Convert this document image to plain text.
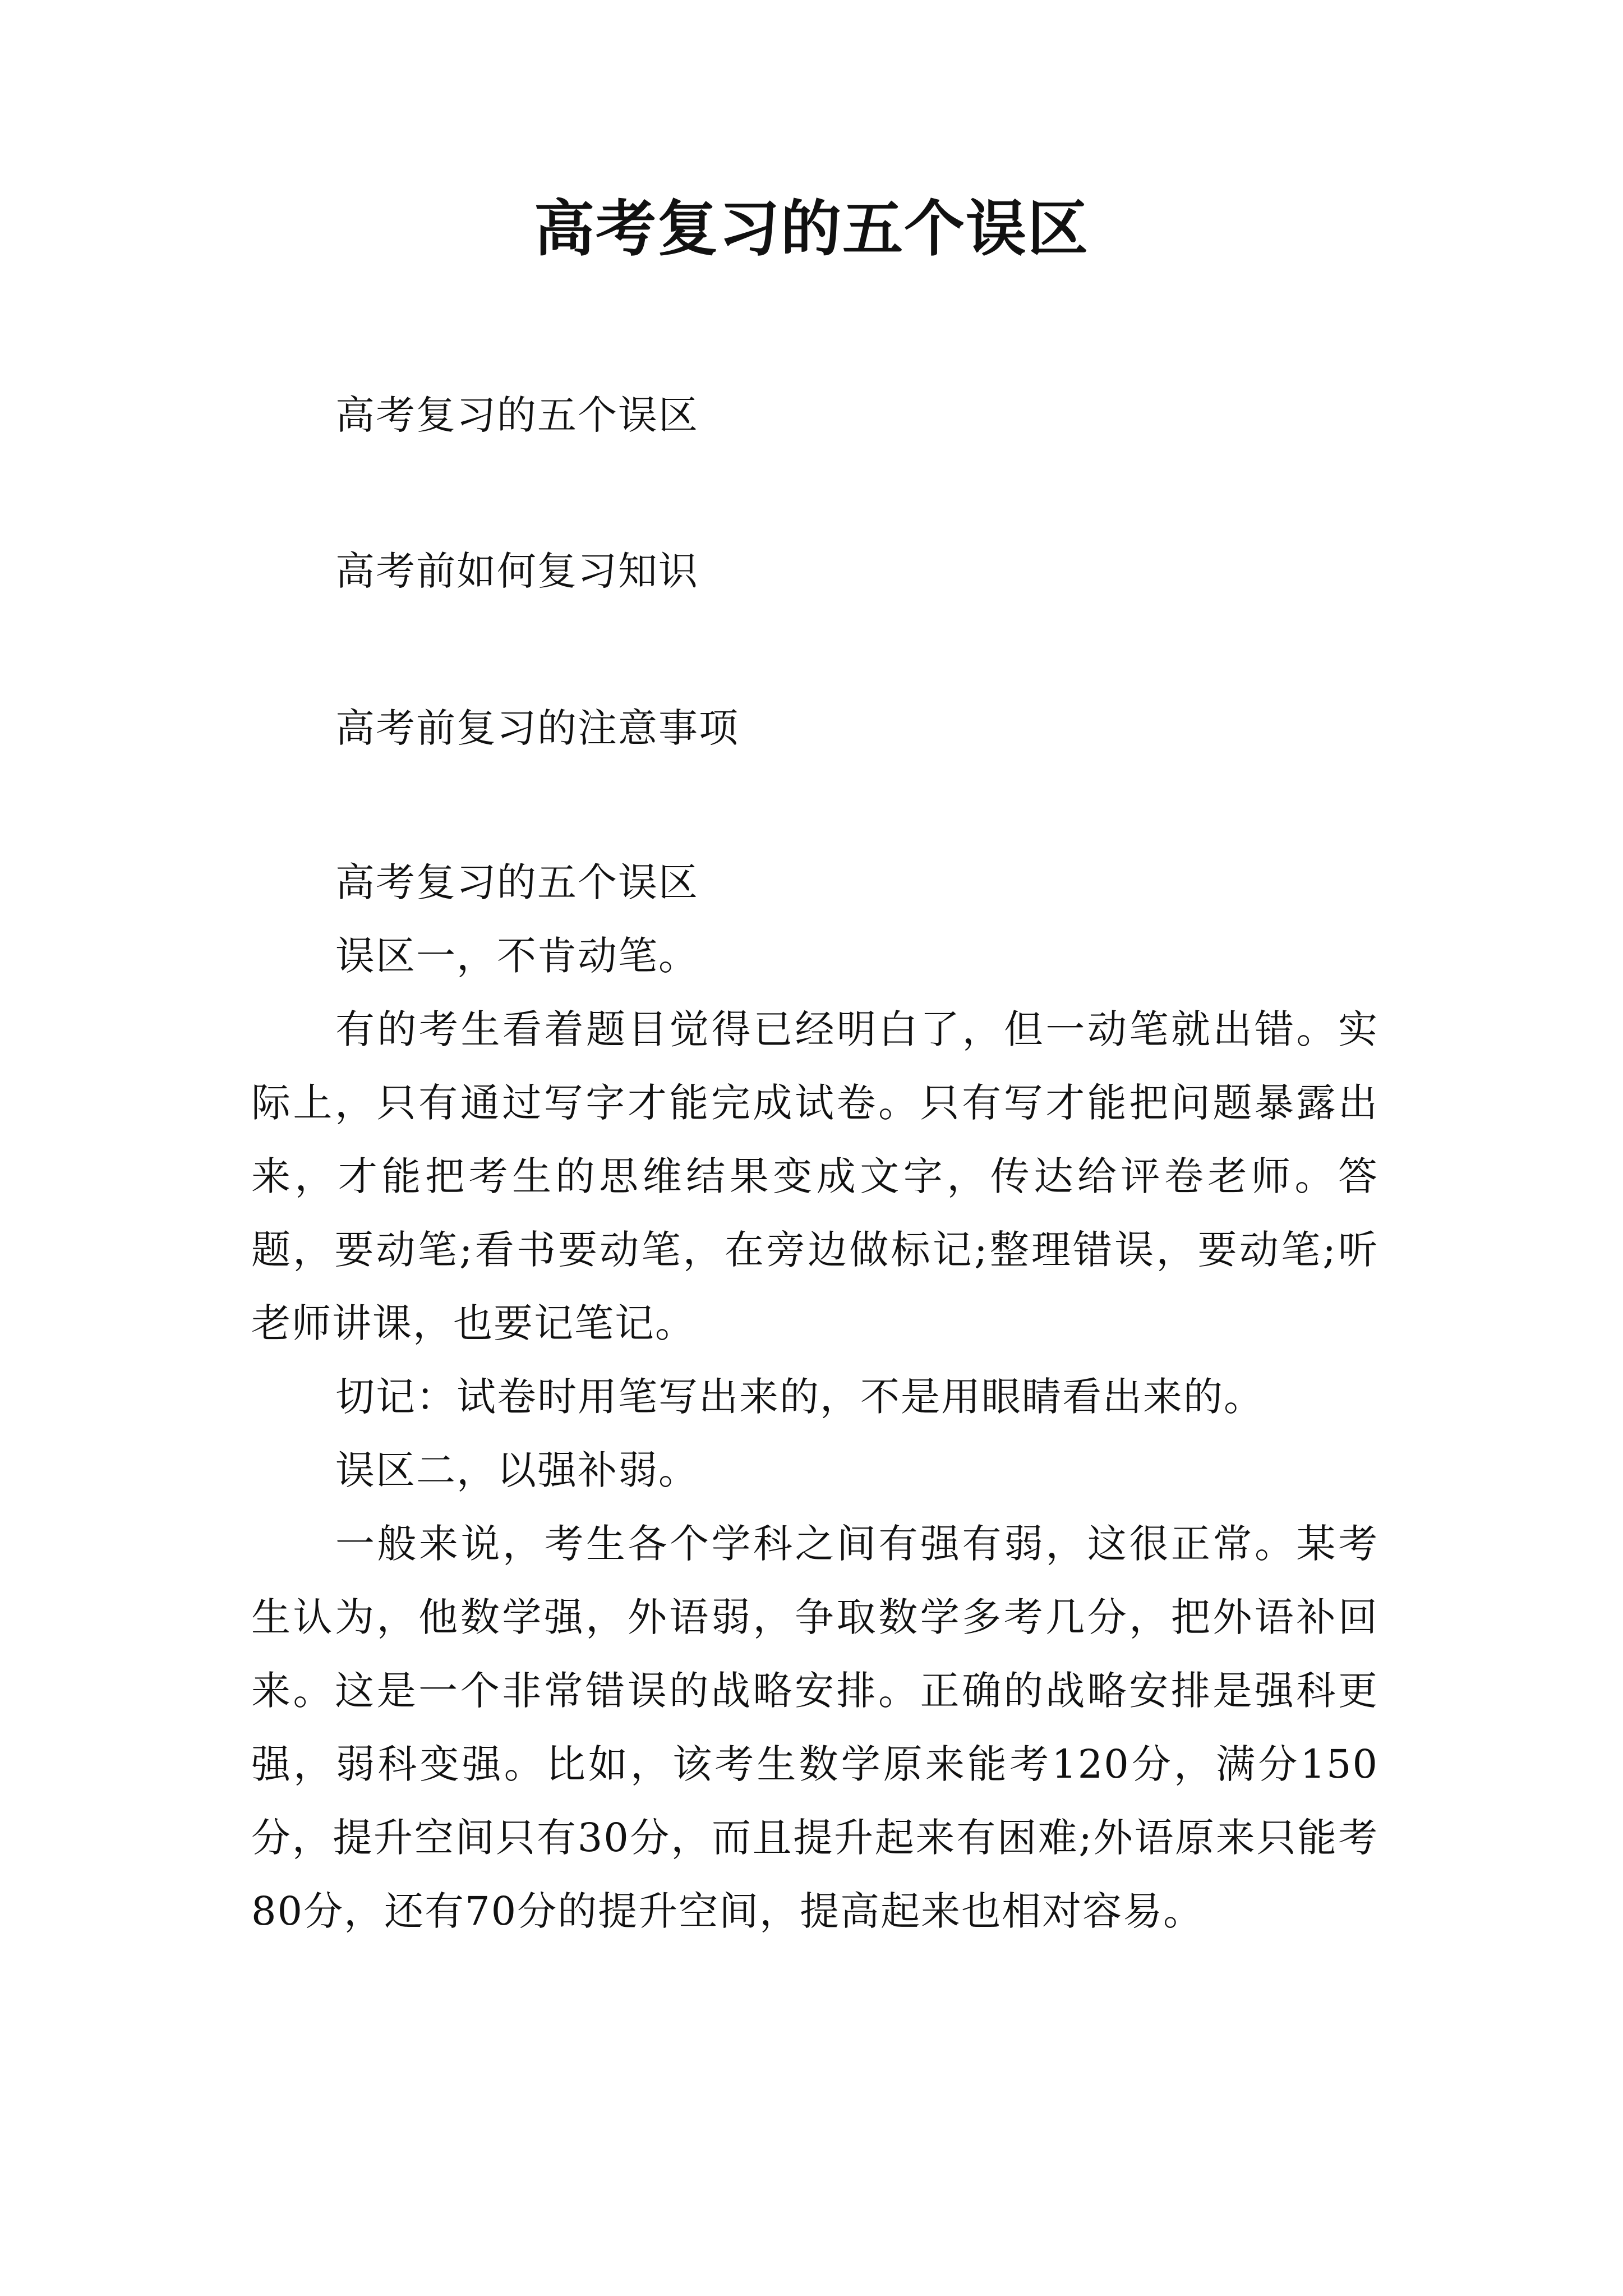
高考复习的五个误区

高考复习的五个误区

高考前如何复习知识

高考前复习的注意事项

高考复习的五个误区

误区一，不肯动笔。

有的考生看着题目觉得已经明白了，但一动笔就出错。实际上，只有通过写字才能完成试卷。只有写才能把问题暴露出来，才能把考生的思维结果变成文字，传达给评卷老师。答题，要动笔;看书要动笔，在旁边做标记;整理错误，要动笔;听老师讲课，也要记笔记。

切记：试卷时用笔写出来的，不是用眼睛看出来的。

误区二，以强补弱。

一般来说，考生各个学科之间有强有弱，这很正常。某考生认为，他数学强，外语弱，争取数学多考几分，把外语补回来。这是一个非常错误的战略安排。正确的战略安排是强科更强，弱科变强。比如，该考生数学原来能考120分，满分150分，提升空间只有30分，而且提升起来有困难;外语原来只能考80分，还有70分的提升空间，提高起来也相对容易。
